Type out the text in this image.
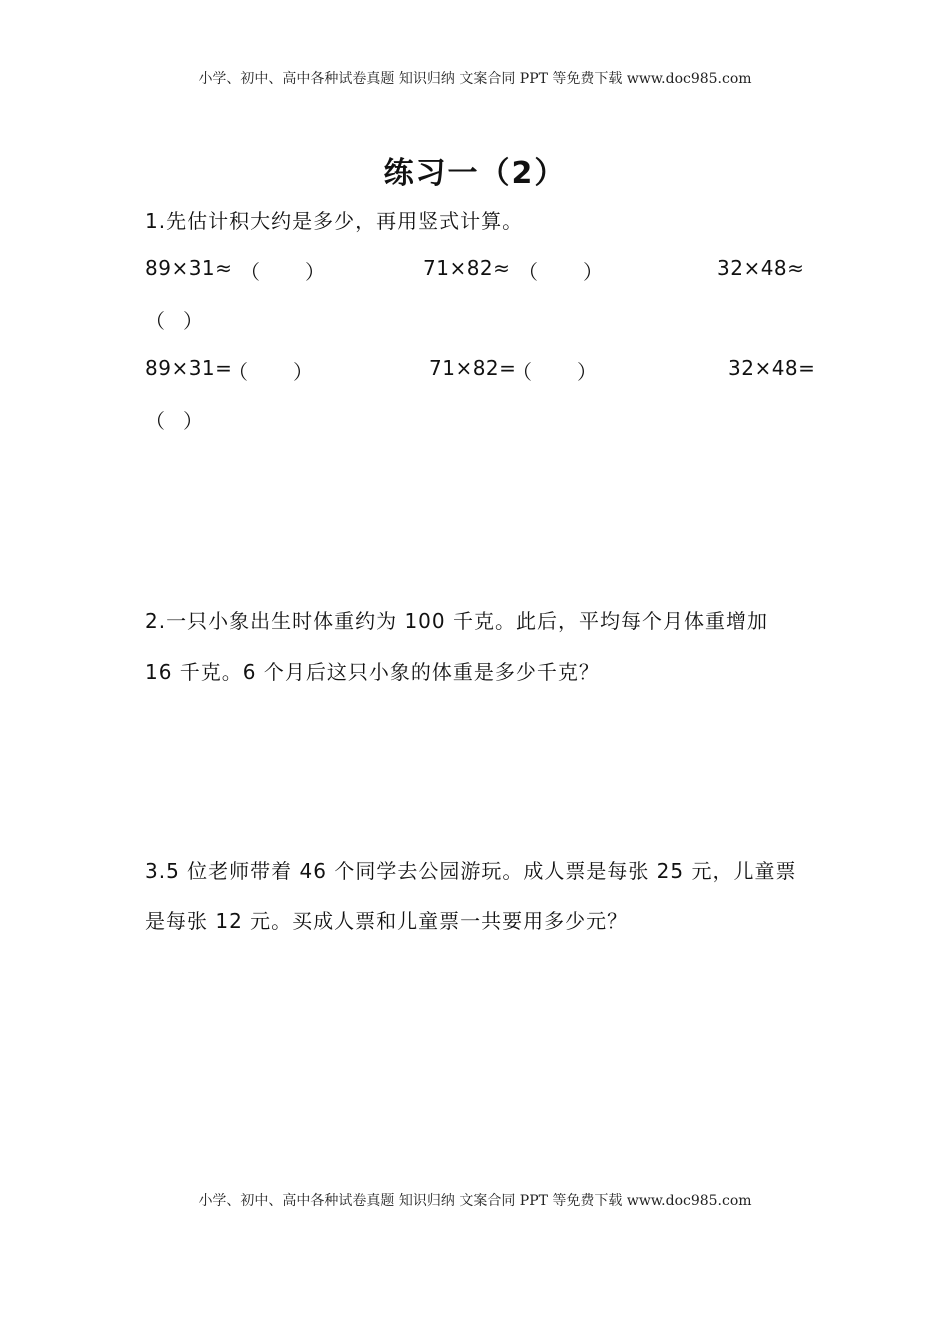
小学、初中、高中各种试卷真题 知识归纳 文案合同 PPT 等免费下载 www.doc985.com
练习一（2）
1.先估计积大约是多少，再用竖式计算。
89×31≈ （ ）	71×82≈ （ ）	32×48≈
（ ）
89×31=
（ ）	71×82=
（ ）	32×48=
（ ）
2.一只小象出生时体重约为 100 千克。此后，平均每个月体重增加
16 千克。6 个月后这只小象的体重是多少千克？
3.5 位老师带着 46 个同学去公园游玩。成人票是每张 25 元，儿童票
是每张 12 元。买成人票和儿童票一共要用多少元？
小学、初中、高中各种试卷真题 知识归纳 文案合同 PPT 等免费下载 www.doc985.com
